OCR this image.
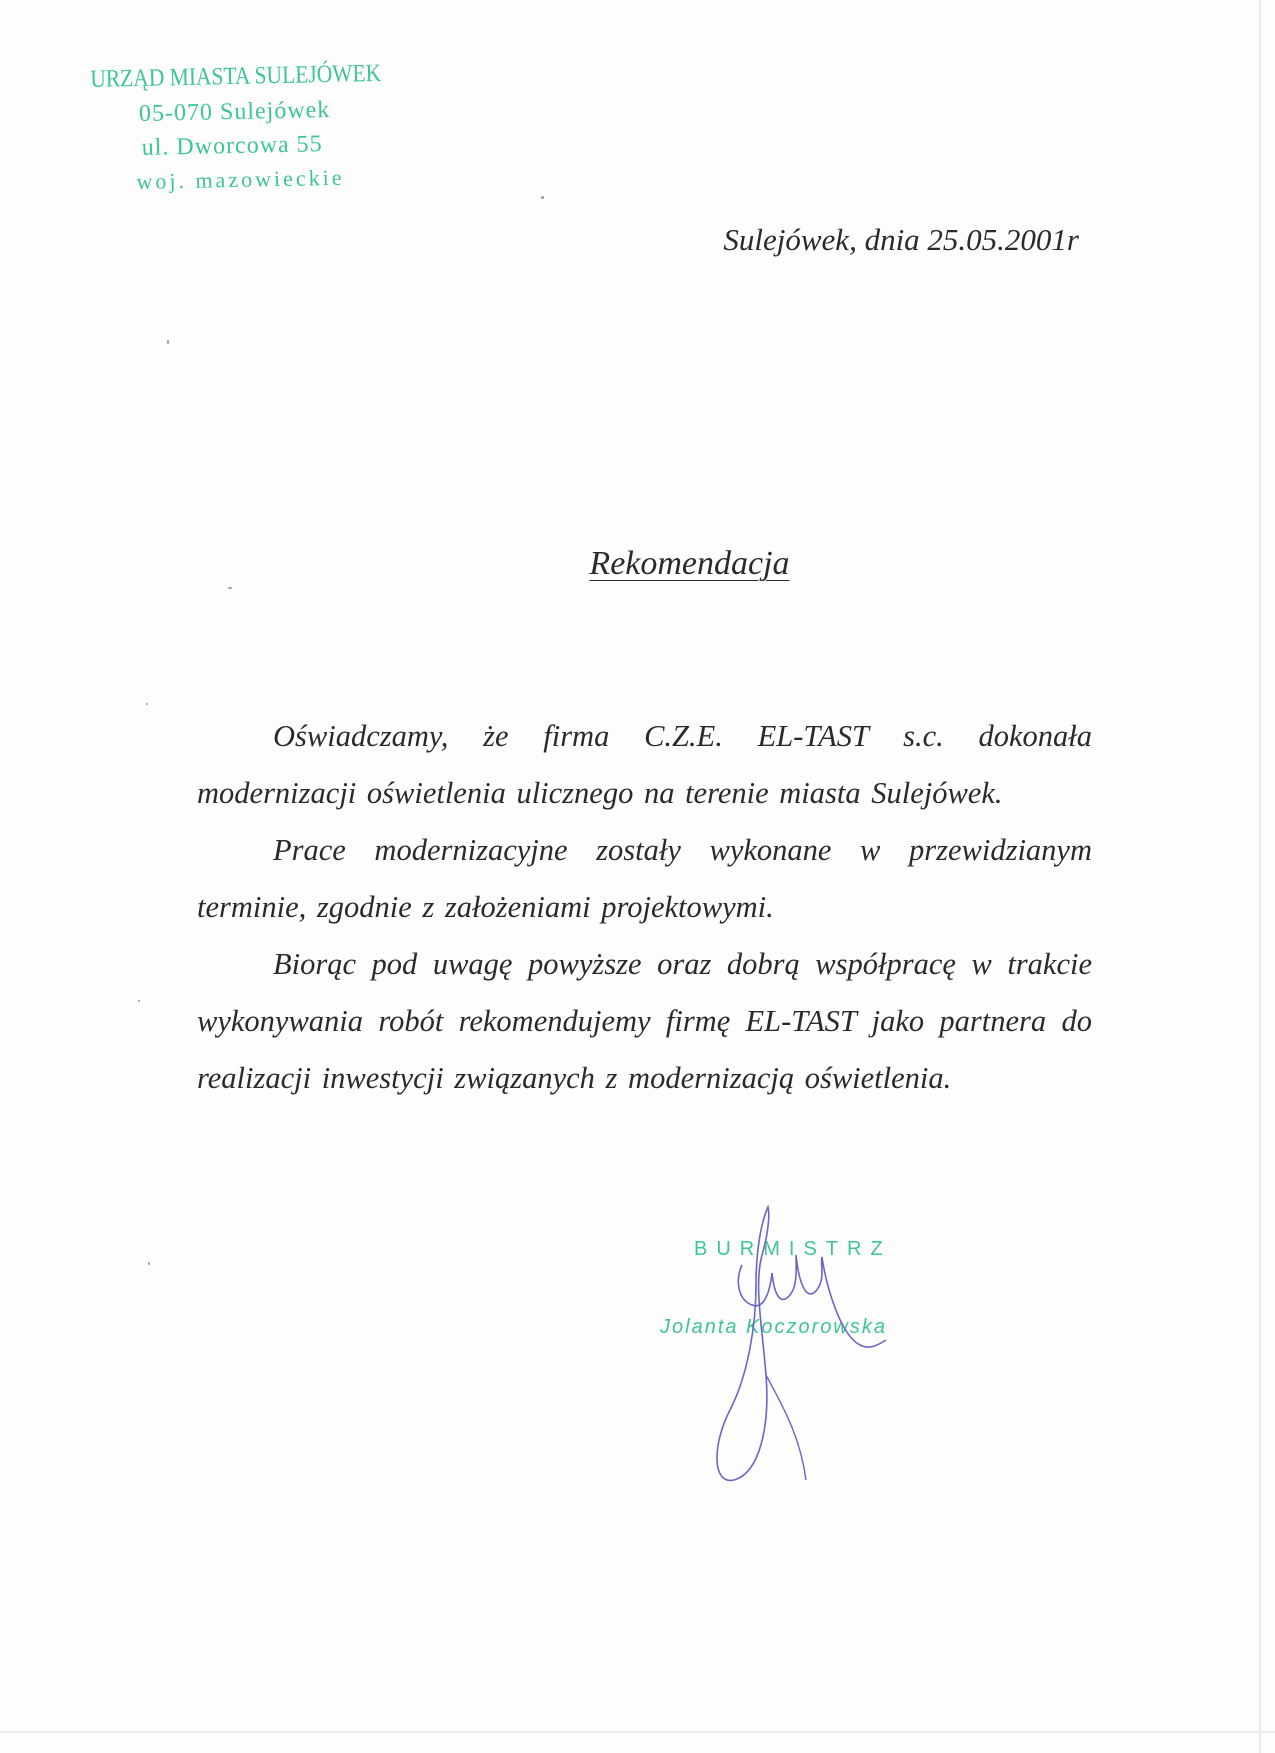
URZĄD MIASTA SULEJÓWEK
05-070 Sulejówek
ul. Dworcowa 55
woj. mazowieckie
Sulejówek, dnia 25.05.2001r
Rekomendacja

Oświadczamy, że firma C.Z.E. EL-TAST s.c. dokonała modernizacji oświetlenia ulicznego na terenie miasta Sulejówek.

Prace modernizacyjne zostały wykonane w przewidzianym terminie, zgodnie z założeniami projektowymi.

Biorąc pod uwagę powyższe oraz dobrą współpracę w trakcie wykonywania robót rekomendujemy firmę EL-TAST jako partnera do realizacji inwestycji związanych z modernizacją oświetlenia.

BURMISTRZ
Jolanta Koczorowska
